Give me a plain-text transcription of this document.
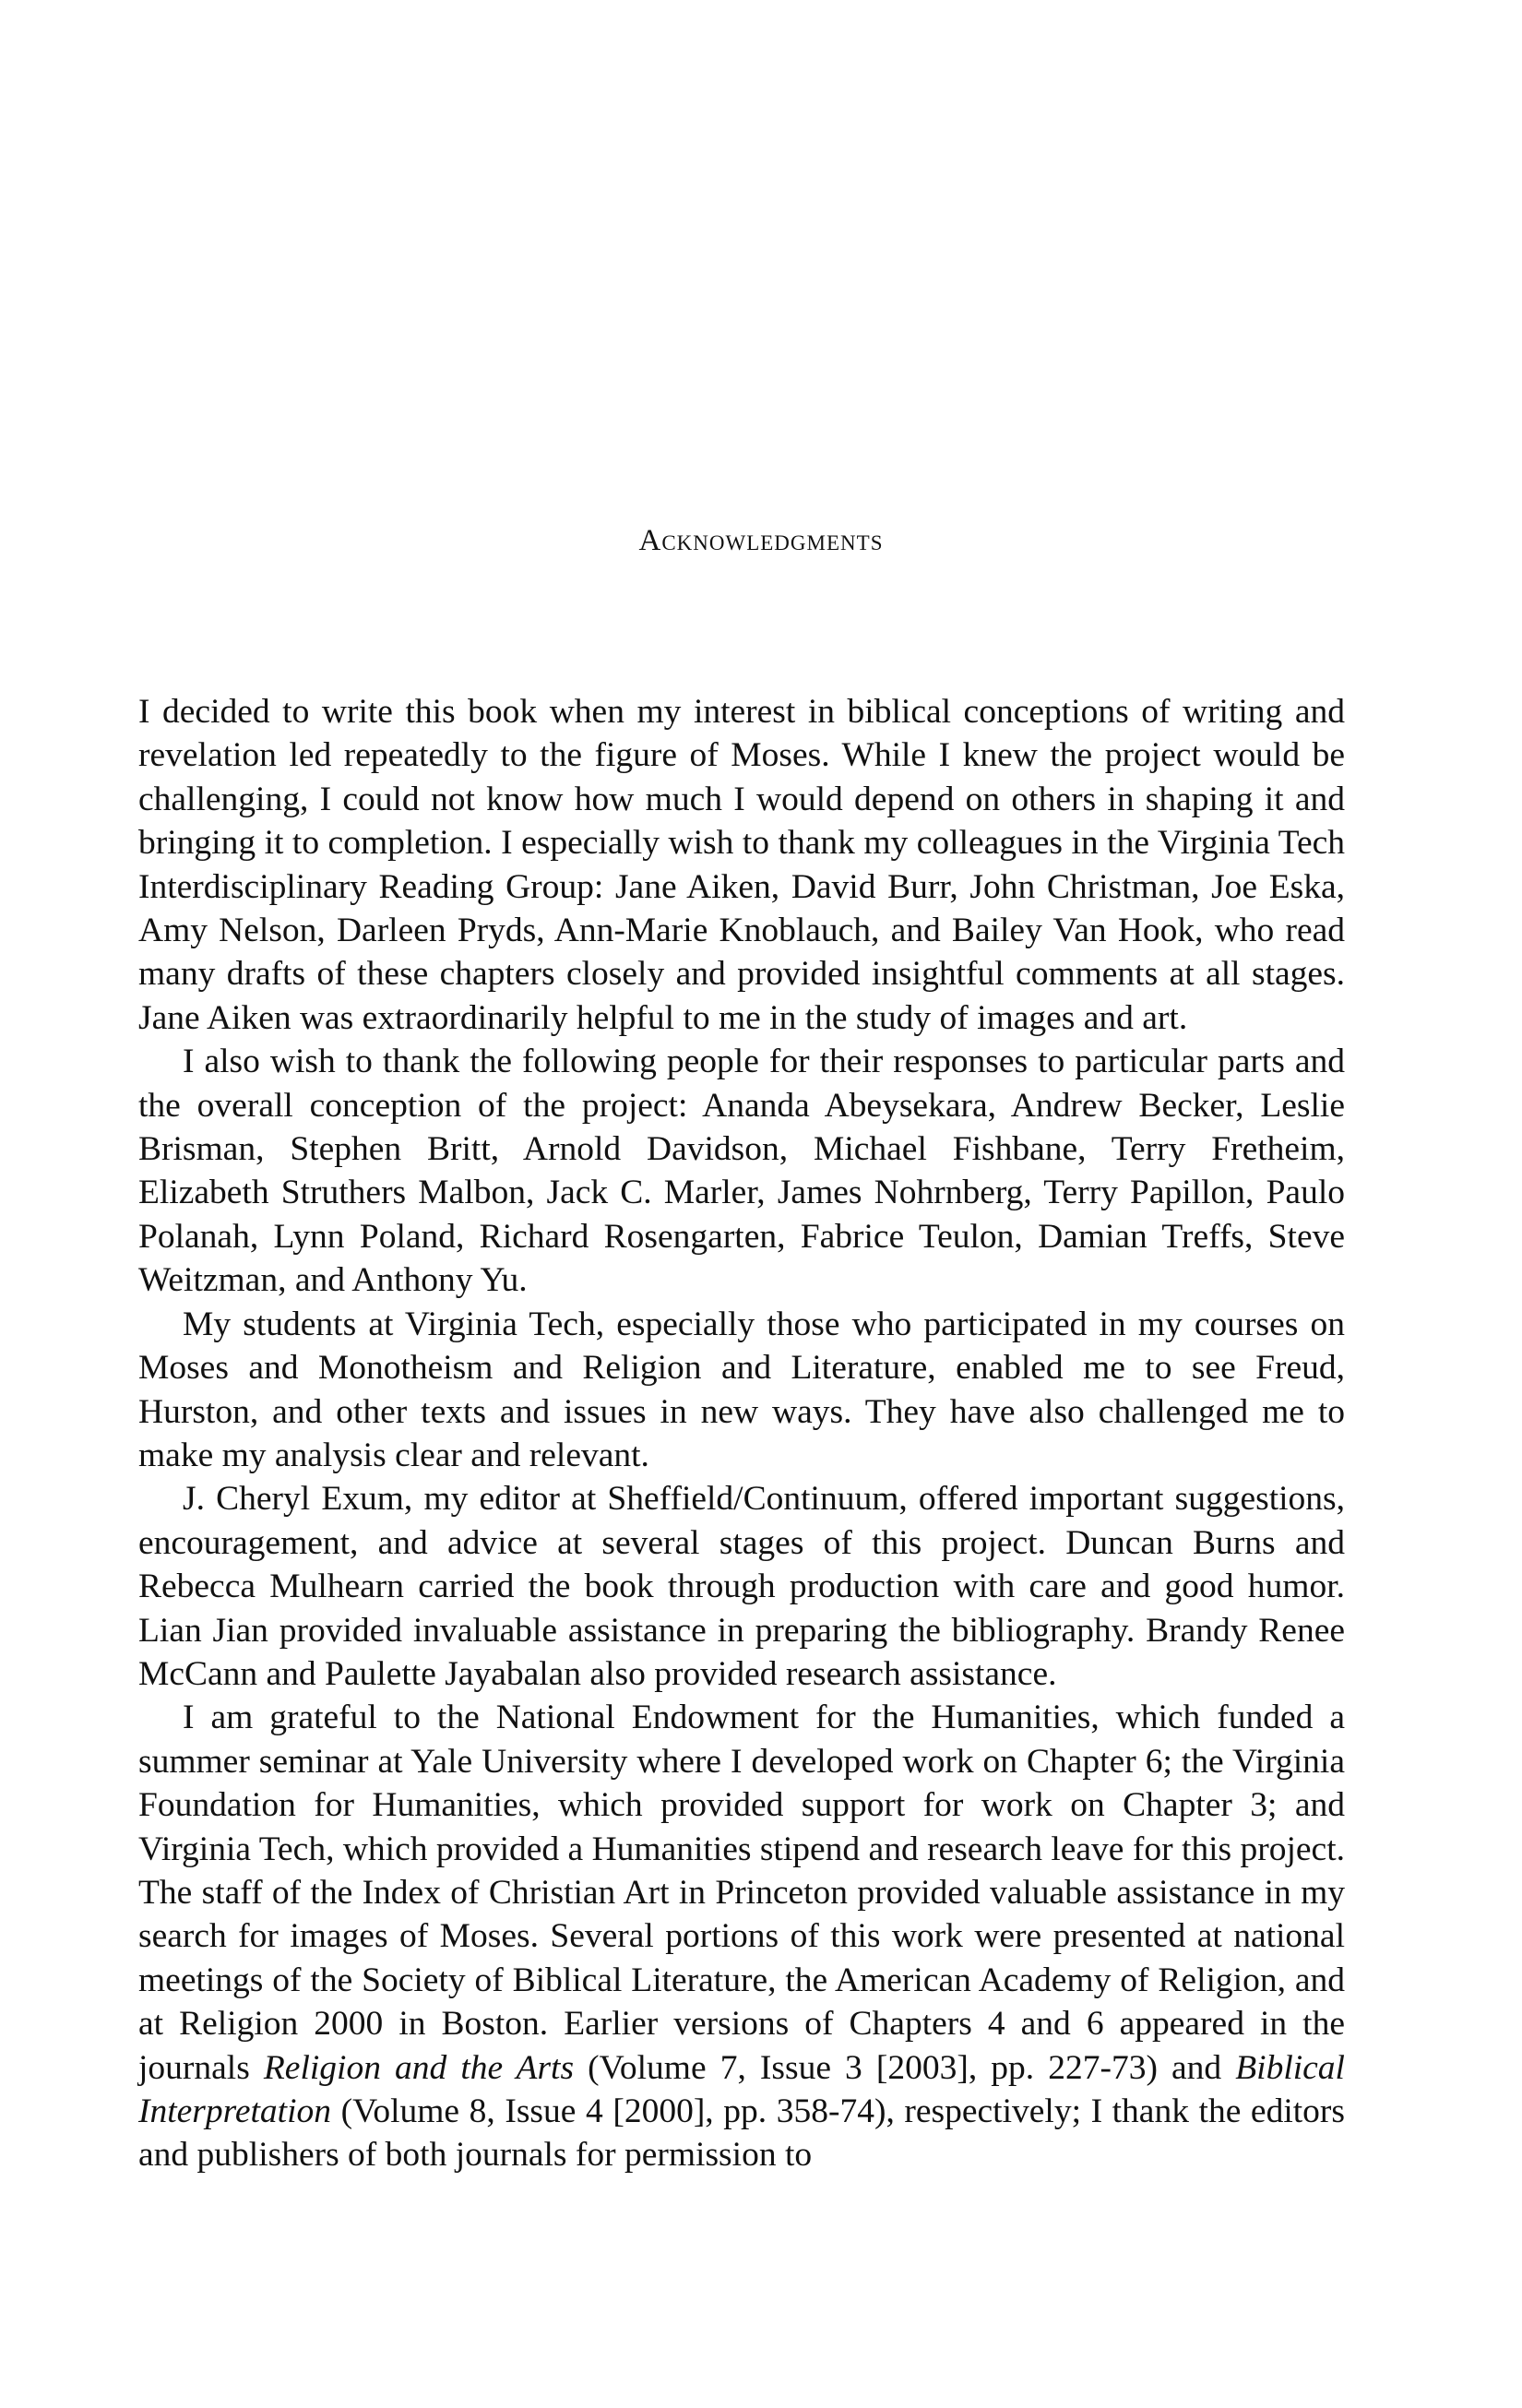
Acknowledgments

I decided to write this book when my interest in biblical conceptions of writing and revelation led repeatedly to the figure of Moses. While I knew the project would be challenging, I could not know how much I would depend on others in shaping it and bringing it to completion. I especially wish to thank my colleagues in the Virginia Tech Interdisciplinary Reading Group: Jane Aiken, David Burr, John Christman, Joe Eska, Amy Nelson, Darleen Pryds, Ann-Marie Knoblauch, and Bailey Van Hook, who read many drafts of these chapters closely and provided insightful comments at all stages. Jane Aiken was extraordinarily helpful to me in the study of images and art.

I also wish to thank the following people for their responses to particular parts and the overall conception of the project: Ananda Abeysekara, Andrew Becker, Leslie Brisman, Stephen Britt, Arnold Davidson, Michael Fishbane, Terry Fretheim, Elizabeth Struthers Malbon, Jack C. Marler, James Nohrnberg, Terry Papillon, Paulo Polanah, Lynn Poland, Richard Rosengarten, Fabrice Teulon, Damian Treffs, Steve Weitzman, and Anthony Yu.

My students at Virginia Tech, especially those who participated in my courses on Moses and Monotheism and Religion and Literature, enabled me to see Freud, Hurston, and other texts and issues in new ways. They have also challenged me to make my analysis clear and relevant.

J. Cheryl Exum, my editor at Sheffield/Continuum, offered important suggestions, encouragement, and advice at several stages of this project. Duncan Burns and Rebecca Mulhearn carried the book through production with care and good humor. Lian Jian provided invaluable assistance in preparing the bibliography. Brandy Renee McCann and Paulette Jayabalan also provided research assistance.

I am grateful to the National Endowment for the Humanities, which funded a summer seminar at Yale University where I developed work on Chapter 6; the Virginia Foundation for Humanities, which provided support for work on Chapter 3; and Virginia Tech, which provided a Humanities stipend and research leave for this project. The staff of the Index of Christian Art in Princeton provided valuable assistance in my search for images of Moses. Several portions of this work were presented at national meetings of the Society of Biblical Literature, the American Academy of Religion, and at Religion 2000 in Boston. Earlier versions of Chapters 4 and 6 appeared in the journals Religion and the Arts (Volume 7, Issue 3 [2003], pp. 227-73) and Biblical Interpretation (Volume 8, Issue 4 [2000], pp. 358-74), respectively; I thank the editors and publishers of both journals for permission to
